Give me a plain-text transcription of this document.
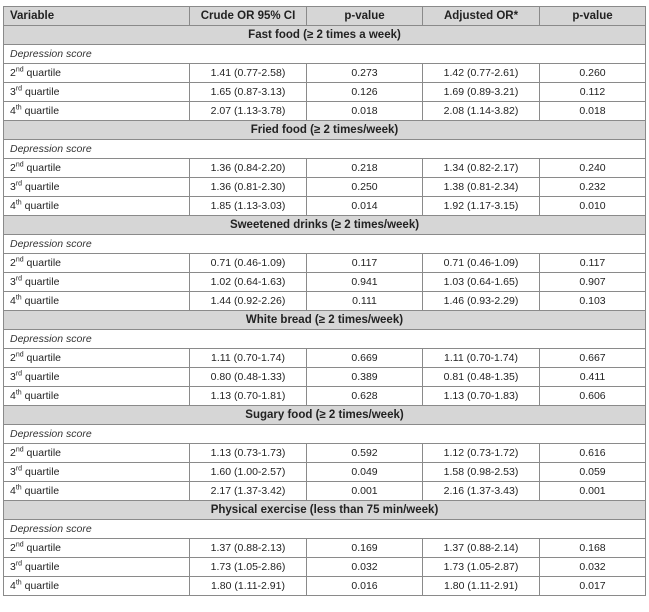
Variable	Crude OR 95% CI	p-value	Adjusted OR*	p-value
Fast food (≥ 2 times a week)				
Depression score				
2nd quartile	1.41 (0.77-2.58)	0.273	1.42 (0.77-2.61)	0.260
3rd quartile	1.65 (0.87-3.13)	0.126	1.69 (0.89-3.21)	0.112
4th quartile	2.07 (1.13-3.78)	0.018	2.08 (1.14-3.82)	0.018
Fried food (≥ 2 times/week)				
Depression score				
2nd quartile	1.36 (0.84-2.20)	0.218	1.34 (0.82-2.17)	0.240
3rd quartile	1.36 (0.81-2.30)	0.250	1.38 (0.81-2.34)	0.232
4th quartile	1.85 (1.13-3.03)	0.014	1.92 (1.17-3.15)	0.010
Sweetened drinks (≥ 2 times/week)				
Depression score				
2nd quartile	0.71 (0.46-1.09)	0.117	0.71 (0.46-1.09)	0.117
3rd quartile	1.02 (0.64-1.63)	0.941	1.03 (0.64-1.65)	0.907
4th quartile	1.44 (0.92-2.26)	0.111	1.46 (0.93-2.29)	0.103
White bread (≥ 2 times/week)				
Depression score				
2nd quartile	1.11 (0.70-1.74)	0.669	1.11 (0.70-1.74)	0.667
3rd quartile	0.80 (0.48-1.33)	0.389	0.81 (0.48-1.35)	0.411
4th quartile	1.13 (0.70-1.81)	0.628	1.13 (0.70-1.83)	0.606
Sugary food (≥ 2 times/week)				
Depression score				
2nd quartile	1.13 (0.73-1.73)	0.592	1.12 (0.73-1.72)	0.616
3rd quartile	1.60 (1.00-2.57)	0.049	1.58 (0.98-2.53)	0.059
4th quartile	2.17 (1.37-3.42)	0.001	2.16 (1.37-3.43)	0.001
Physical exercise (less than 75 min/week)				
Depression score				
2nd quartile	1.37 (0.88-2.13)	0.169	1.37 (0.88-2.14)	0.168
3rd quartile	1.73 (1.05-2.86)	0.032	1.73 (1.05-2.87)	0.032
4th quartile	1.80 (1.11-2.91)	0.016	1.80 (1.11-2.91)	0.017
